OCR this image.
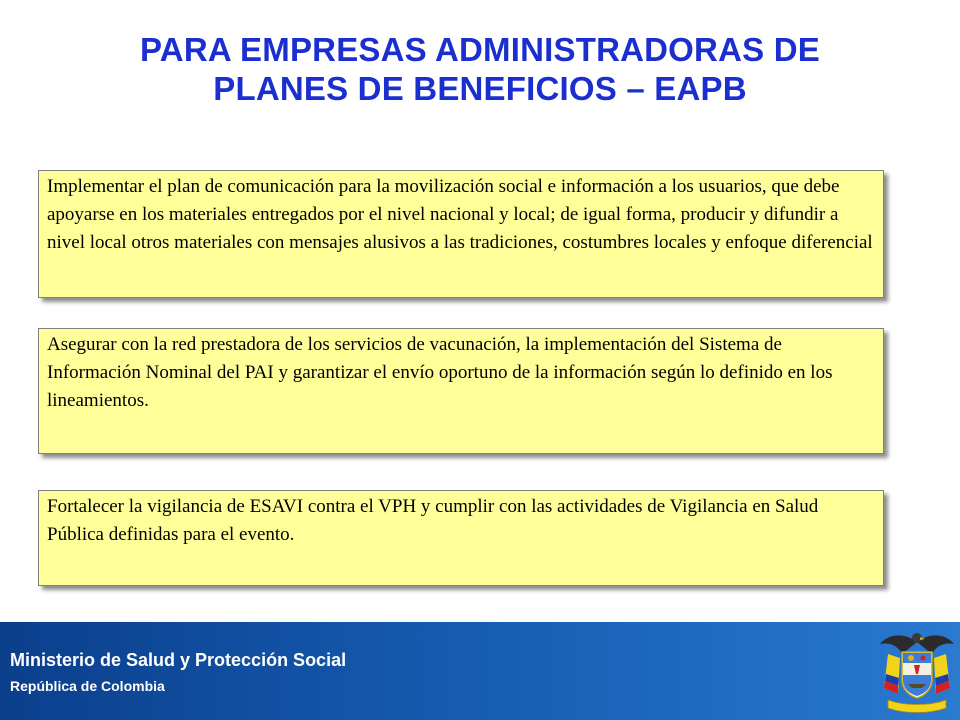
PARA EMPRESAS ADMINISTRADORAS DE
PLANES DE BENEFICIOS – EAPB
Implementar el plan de comunicación para la movilización social e información a los usuarios, que debe apoyarse en los materiales entregados por el nivel nacional y local; de igual forma, producir y difundir a nivel local otros materiales con mensajes alusivos a las tradiciones, costumbres locales y enfoque diferencial
Asegurar con la red prestadora de los servicios de vacunación, la implementación del Sistema de Información Nominal del PAI y garantizar el envío oportuno de la información según lo definido en los lineamientos.
Fortalecer la vigilancia de ESAVI contra el VPH y cumplir con las actividades de Vigilancia en Salud Pública definidas para el evento.
Ministerio de Salud y Protección Social
República de Colombia
